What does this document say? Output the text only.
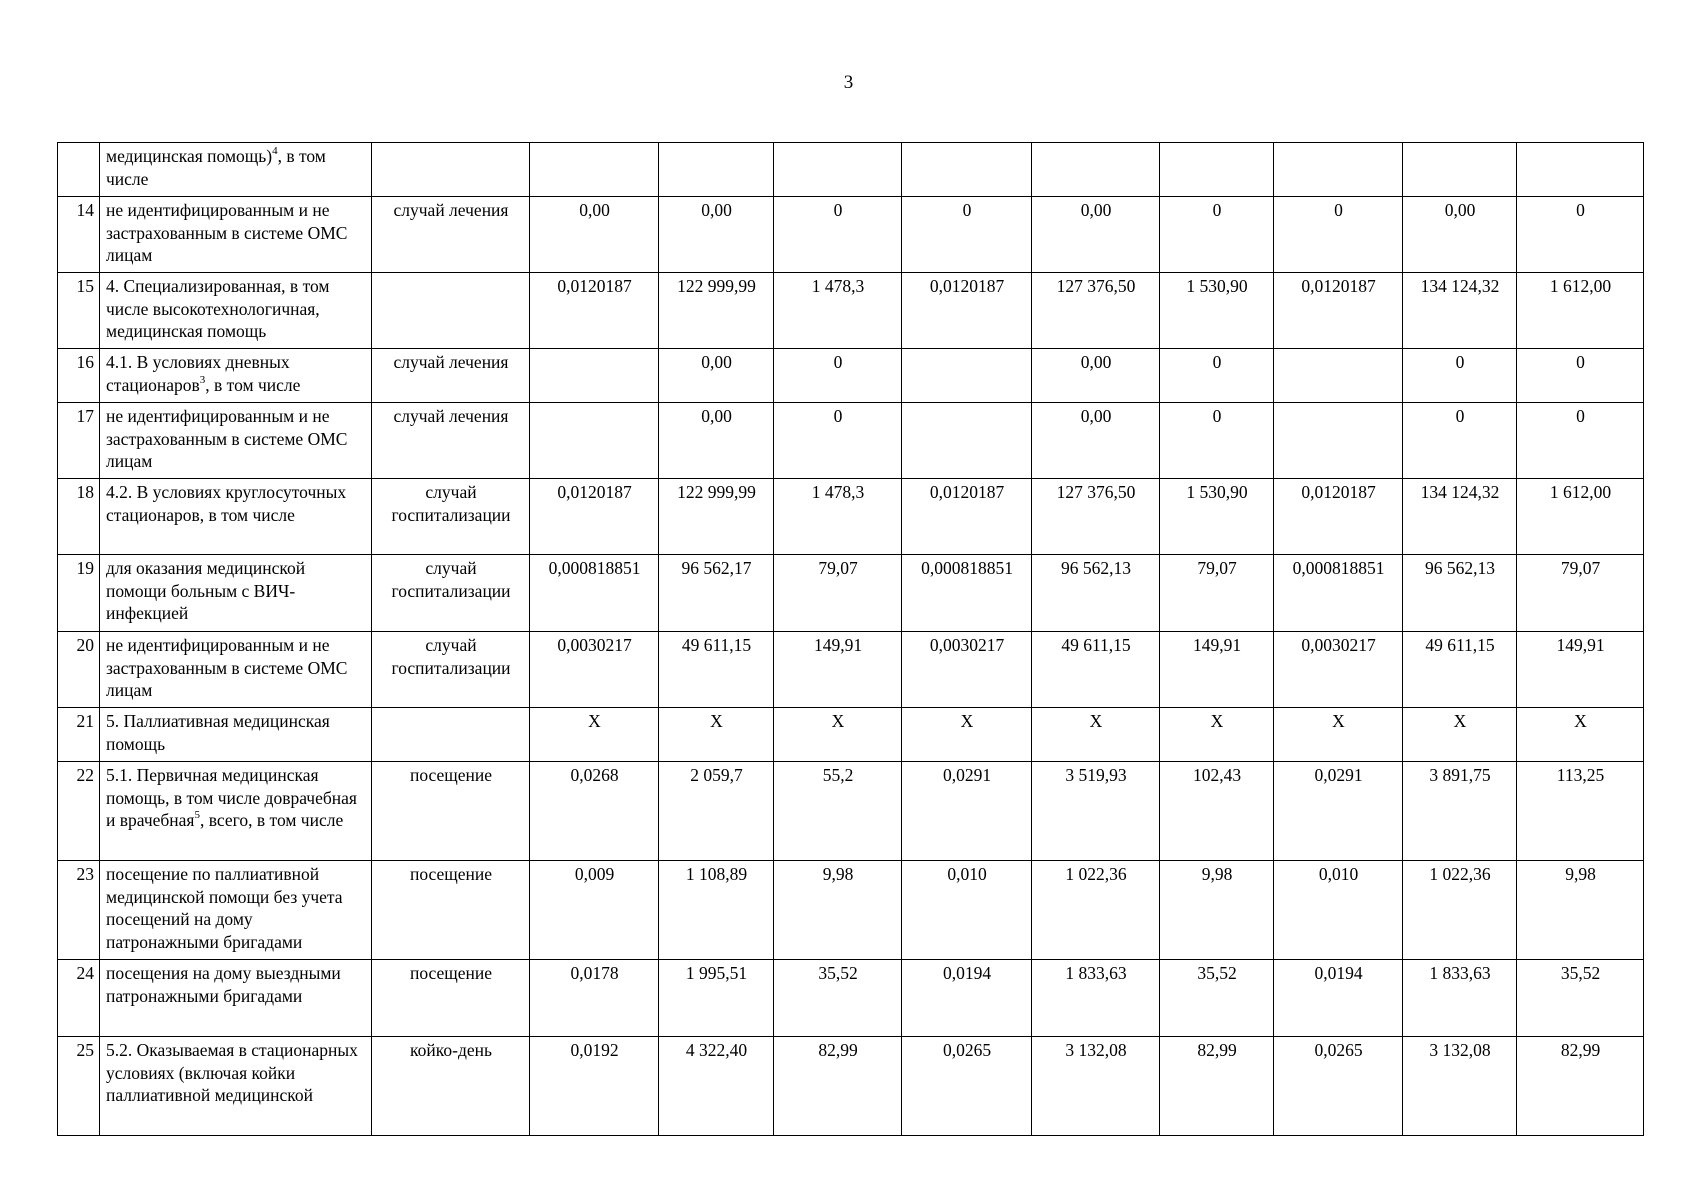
3
	медицинская помощь)$^4$, в том числе										
14	не идентифицированным и не застрахованным в системе ОМС лицам	случай лечения	0,00	0,00	0	0	0,00	0	0	0,00	0
15	4. Специализированная, в том числе высокотехнологичная, медицинская помощь		0,0120187	122 999,99	1 478,3	0,0120187	127 376,50	1 530,90	0,0120187	134 124,32	1 612,00
16	4.1. В условиях дневных стационаров$^3$, в том числе	случай лечения		0,00	0		0,00	0		0	0
17	не идентифицированным и не застрахованным в системе ОМС лицам	случай лечения		0,00	0		0,00	0		0	0
18	4.2. В условиях круглосуточных стационаров, в том числе	случай госпитализации	0,0120187	122 999,99	1 478,3	0,0120187	127 376,50	1 530,90	0,0120187	134 124,32	1 612,00
19	для оказания медицинской помощи больным с ВИЧ-инфекцией	случай госпитализации	0,000818851	96 562,17	79,07	0,000818851	96 562,13	79,07	0,000818851	96 562,13	79,07
20	не идентифицированным и не застрахованным в системе ОМС лицам	случай госпитализации	0,0030217	49 611,15	149,91	0,0030217	49 611,15	149,91	0,0030217	49 611,15	149,91
21	5. Паллиативная медицинская помощь		Х	Х	Х	Х	Х	Х	Х	Х	Х
22	5.1. Первичная медицинская помощь, в том числе доврачебная и врачебная$^5$, всего, в том числе	посещение	0,0268	2 059,7	55,2	0,0291	3 519,93	102,43	0,0291	3 891,75	113,25
23	посещение по паллиативной медицинской помощи без учета посещений на дому патронажными бригадами	посещение	0,009	1 108,89	9,98	0,010	1 022,36	9,98	0,010	1 022,36	9,98
24	посещения на дому выездными патронажными бригадами	посещение	0,0178	1 995,51	35,52	0,0194	1 833,63	35,52	0,0194	1 833,63	35,52
25	5.2. Оказываемая в стационарных условиях (включая койки паллиативной медицинской	койко-день	0,0192	4 322,40	82,99	0,0265	3 132,08	82,99	0,0265	3 132,08	82,99
